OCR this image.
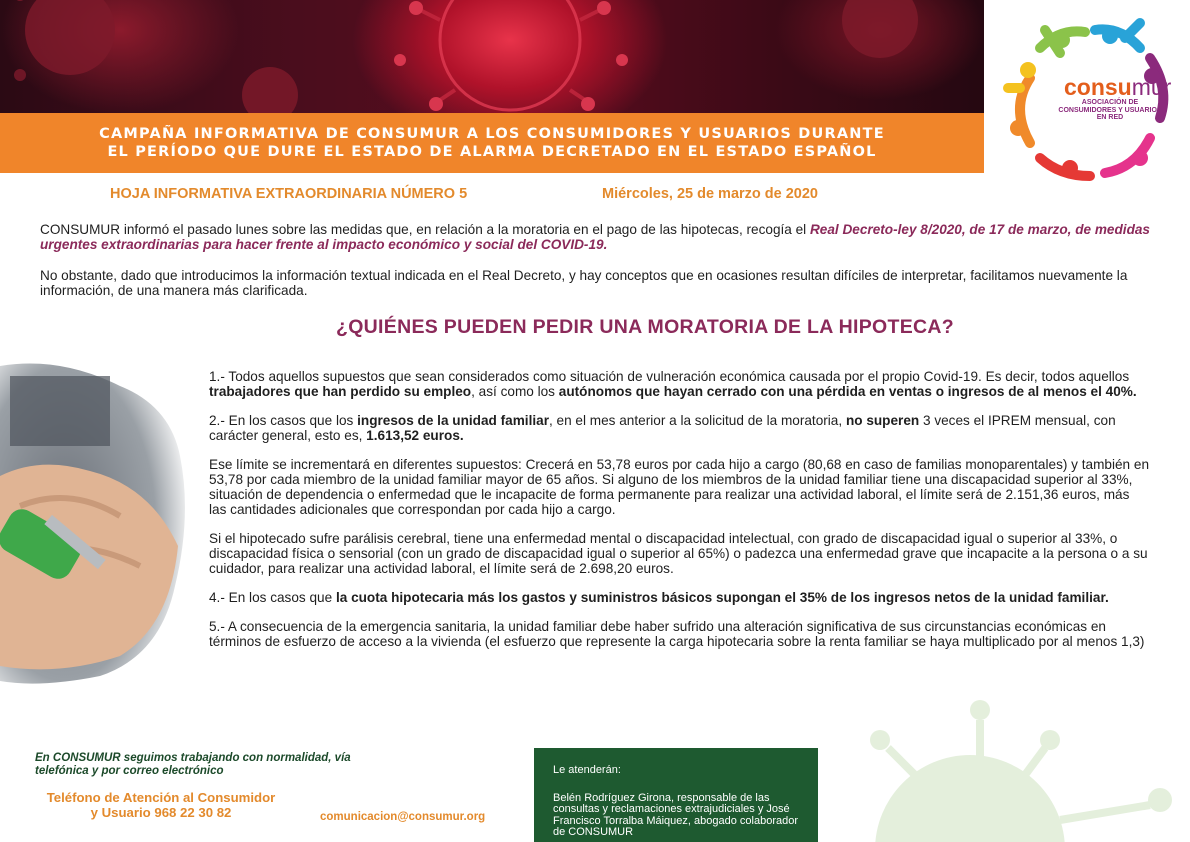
CAMPAÑA INFORMATIVA DE CONSUMUR A LOS CONSUMIDORES Y USUARIOS DURANTE
EL PERÍODO QUE DURE EL ESTADO DE ALARMA DECRETADO EN EL ESTADO ESPAÑOL
consumur
ASOCIACIÓN DE
CONSUMIDORES Y USUARIOS
EN RED
HOJA INFORMATIVA EXTRAORDINARIA NÚMERO 5	Miércoles, 25 de marzo de 2020
CONSUMUR informó el pasado lunes sobre las medidas que, en relación a la moratoria en el pago de las hipotecas, recogía el Real Decreto-ley 8/2020, de 17 de marzo, de medidas urgentes extraordinarias para hacer frente al impacto económico y social del COVID-19.
No obstante, dado que introducimos la información textual indicada en el Real Decreto, y hay conceptos que en ocasiones resultan difíciles de interpretar, facilitamos nuevamente la información, de una manera más clarificada.
¿QUIÉNES PUEDEN PEDIR UNA MORATORIA DE LA HIPOTECA?

1.- Todos aquellos supuestos que sean considerados como situación de vulneración económica causada por el propio Covid-19. Es decir, todos aquellos trabajadores que han perdido su empleo, así como los autónomos que hayan cerrado con una pérdida en ventas o ingresos de al menos el 40%.

2.- En los casos que los ingresos de la unidad familiar, en el mes anterior a la solicitud de la moratoria, no superen 3 veces el IPREM mensual, con carácter general, esto es, 1.613,52 euros.

Ese límite se incrementará en diferentes supuestos: Crecerá en 53,78 euros por cada hijo a cargo (80,68 en caso de familias monoparentales) y también en 53,78 por cada miembro de la unidad familiar mayor de 65 años. Si alguno de los miembros de la unidad familiar tiene una discapacidad superior al 33%, situación de dependencia o enfermedad que le incapacite de forma permanente para realizar una actividad laboral, el límite será de 2.151,36 euros, más las cantidades adicionales que correspondan por cada hijo a cargo.

Si el hipotecado sufre parálisis cerebral, tiene una enfermedad mental o discapacidad intelectual, con grado de discapacidad igual o superior al 33%, o discapacidad física o sensorial (con un grado de discapacidad igual o superior al 65%) o padezca una enfermedad grave que incapacite a la persona o a su cuidador, para realizar una actividad laboral, el límite será de 2.698,20 euros.

4.- En los casos que la cuota hipotecaria más los gastos y suministros básicos supongan el 35% de los ingresos netos de la unidad familiar.

5.- A consecuencia de la emergencia sanitaria, la unidad familiar debe haber sufrido una alteración significativa de sus circunstancias económicas en términos de esfuerzo de acceso a la vivienda (el esfuerzo que represente la carga hipotecaria sobre la renta familiar se haya multiplicado por al menos 1,3)

En CONSUMUR seguimos trabajando con normalidad, vía telefónica y por correo electrónico
Teléfono de Atención al Consumidor
y Usuario 968 22 30 82	comunicacion@consumur.org
Le atenderán:
Belén Rodríguez Girona, responsable de las consultas y reclamaciones extrajudiciales y José Francisco Torralba Máiquez, abogado colaborador de CONSUMUR
